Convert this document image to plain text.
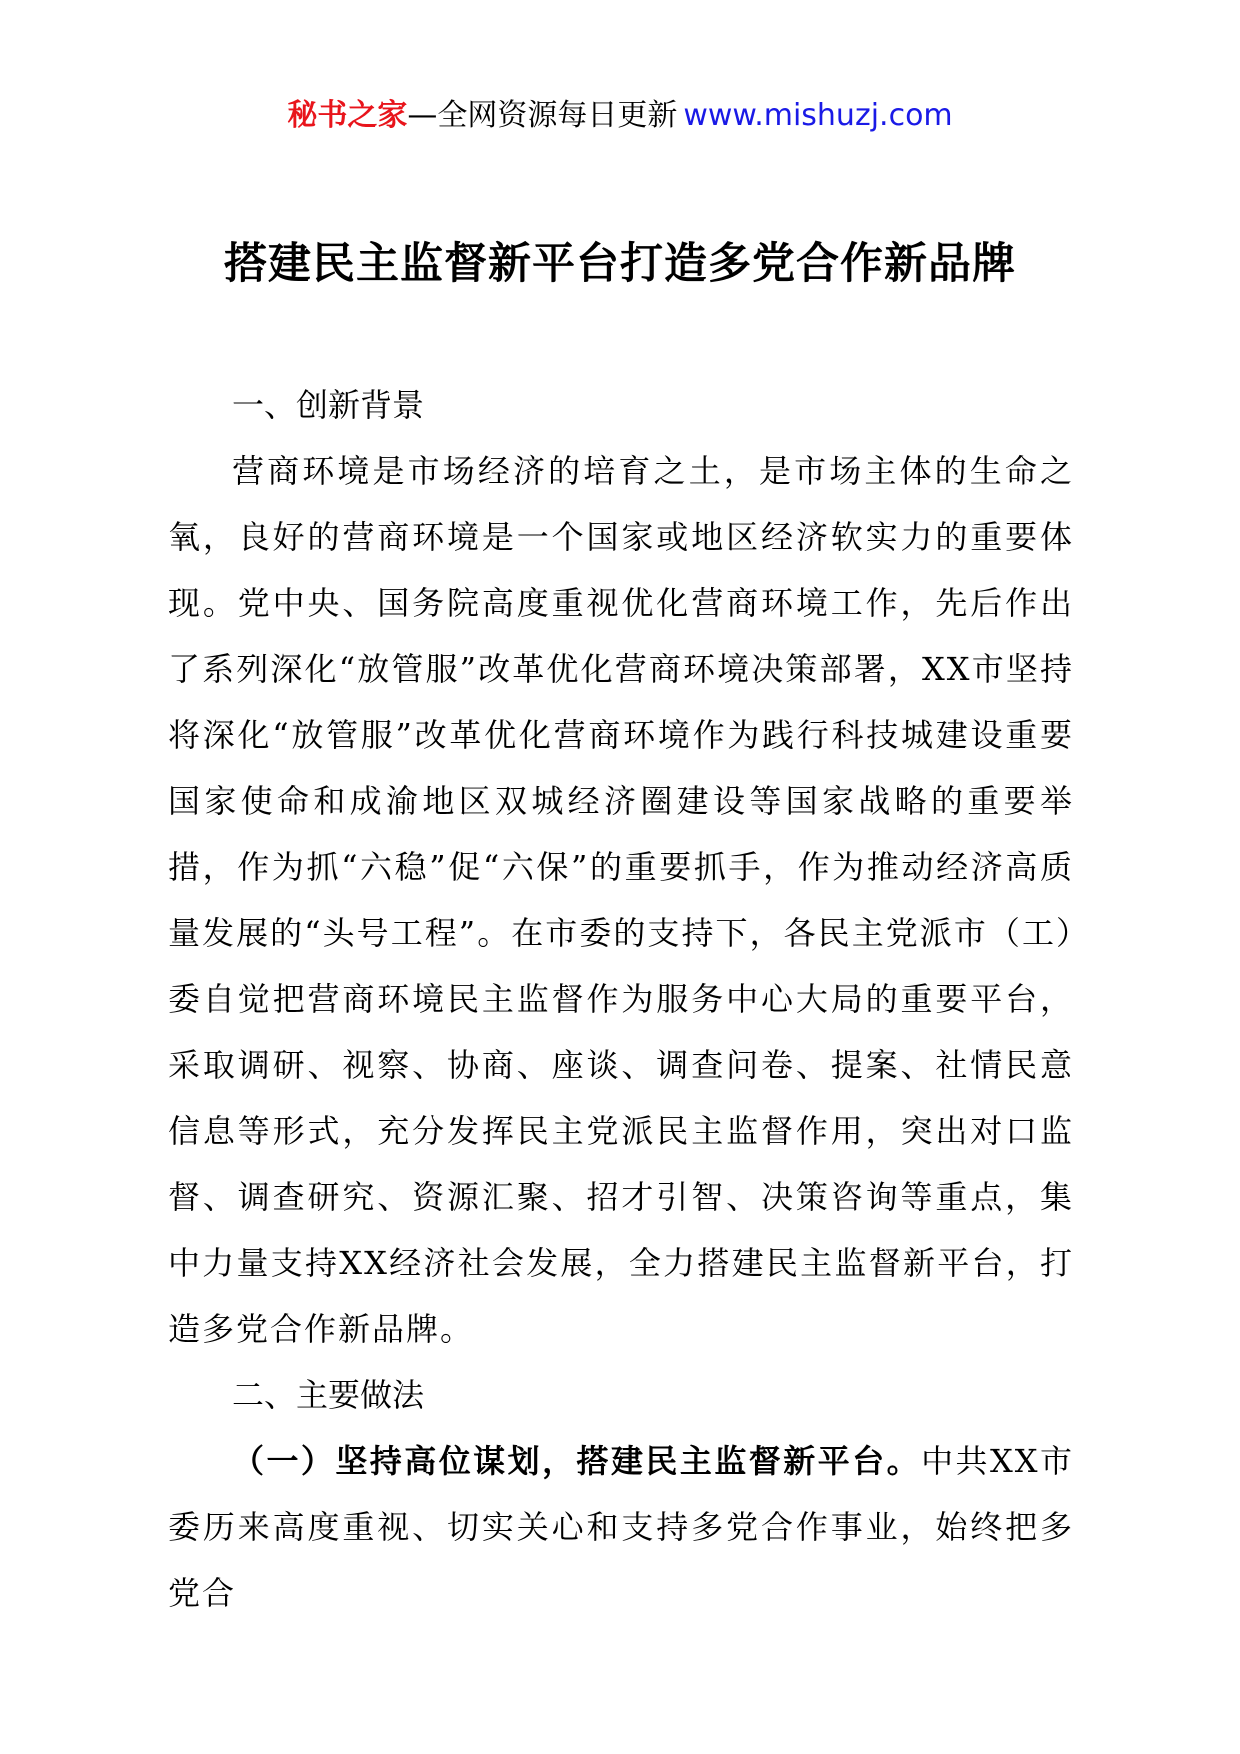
秘书之家—全网资源每日更新 www.mishuzj.com
搭建民主监督新平台打造多党合作新品牌

一、创新背景

营商环境是市场经济的培育之土，是市场主体的生命之氧，良好的营商环境是一个国家或地区经济软实力的重要体现。党中央、国务院高度重视优化营商环境工作，先后作出了系列深化“放管服”改革优化营商环境决策部署，XX市坚持将深化“放管服”改革优化营商环境作为践行科技城建设重要国家使命和成渝地区双城经济圈建设等国家战略的重要举措，作为抓“六稳”促“六保”的重要抓手，作为推动经济高质量发展的“头号工程”。在市委的支持下，各民主党派市（工）委自觉把营商环境民主监督作为服务中心大局的重要平台，采取调研、视察、协商、座谈、调查问卷、提案、社情民意信息等形式，充分发挥民主党派民主监督作用，突出对口监督、调查研究、资源汇聚、招才引智、决策咨询等重点，集中力量支持XX经济社会发展，全力搭建民主监督新平台，打造多党合作新品牌。

二、主要做法

（一）坚持高位谋划，搭建民主监督新平台。中共XX市委历来高度重视、切实关心和支持多党合作事业，始终把多党合
